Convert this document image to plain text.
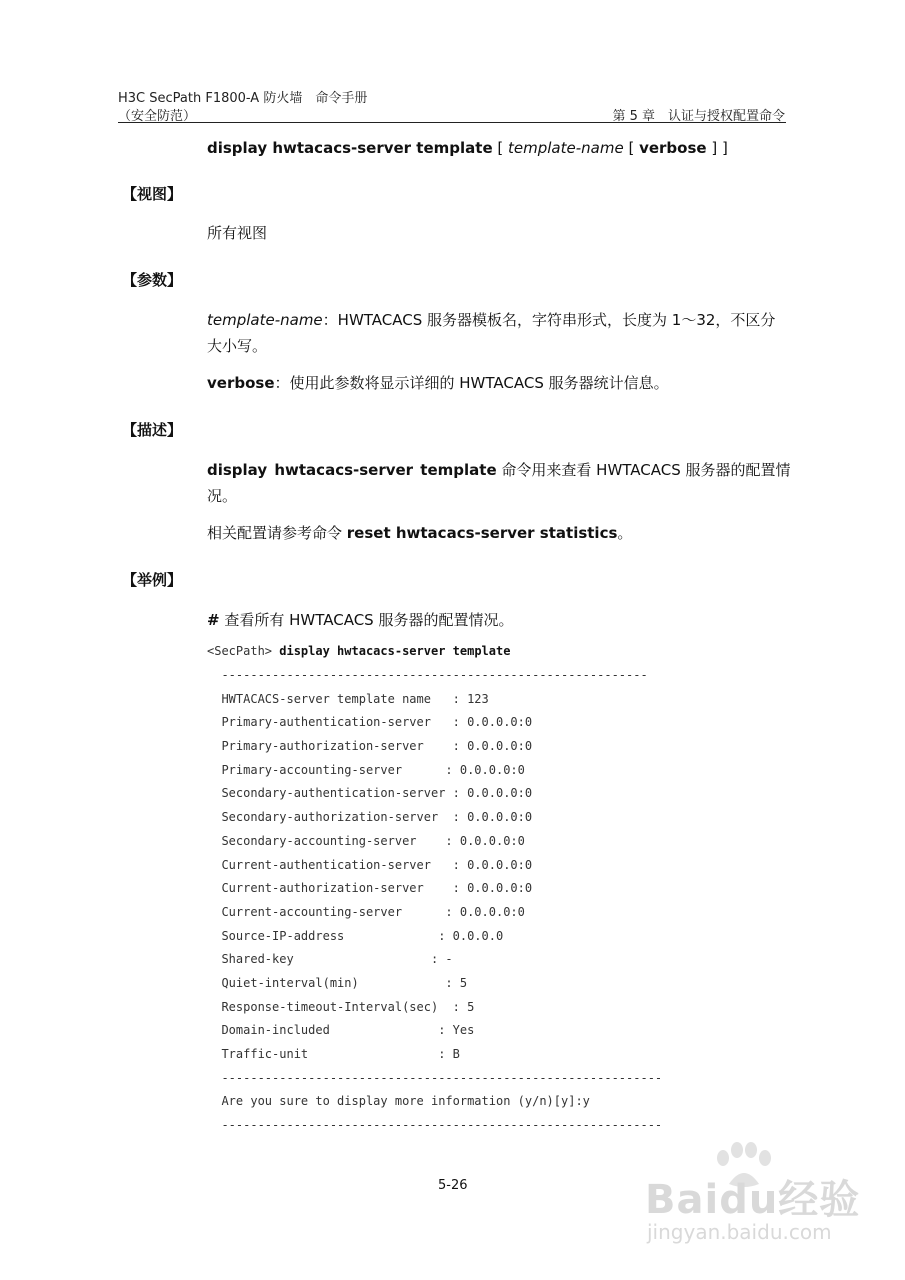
H3C SecPath F1800-A 防火墙　命令手册
（安全防范）	第 5 章　认证与授权配置命令
display hwtacacs-server template [ template-name [ verbose ] ]
【视图】
所有视图
【参数】
template-name：HWTACACS 服务器模板名，字符串形式，长度为 1～32，不区分
大小写。
verbose：使用此参数将显示详细的 HWTACACS 服务器统计信息。
【描述】
display hwtacacs-server template 命令用来查看 HWTACACS 服务器的配置情
况。
相关配置请参考命令 reset hwtacacs-server statistics。
【举例】
# 查看所有 HWTACACS 服务器的配置情况。
<SecPath> display hwtacacs-server template
-----------------------------------------------------------
HWTACACS-server template name   : 123
Primary-authentication-server   : 0.0.0.0:0
Primary-authorization-server    : 0.0.0.0:0
Primary-accounting-server      : 0.0.0.0:0
Secondary-authentication-server : 0.0.0.0:0
Secondary-authorization-server  : 0.0.0.0:0
Secondary-accounting-server    : 0.0.0.0:0
Current-authentication-server   : 0.0.0.0:0
Current-authorization-server    : 0.0.0.0:0
Current-accounting-server      : 0.0.0.0:0
Source-IP-address             : 0.0.0.0
Shared-key                   : -
Quiet-interval(min)            : 5
Response-timeout-Interval(sec)  : 5
Domain-included               : Yes
Traffic-unit                  : B
-------------------------------------------------------------
Are you sure to display more information (y/n)[y]:y
-------------------------------------------------------------
5-26	Baidu经验
jingyan.baidu.com
